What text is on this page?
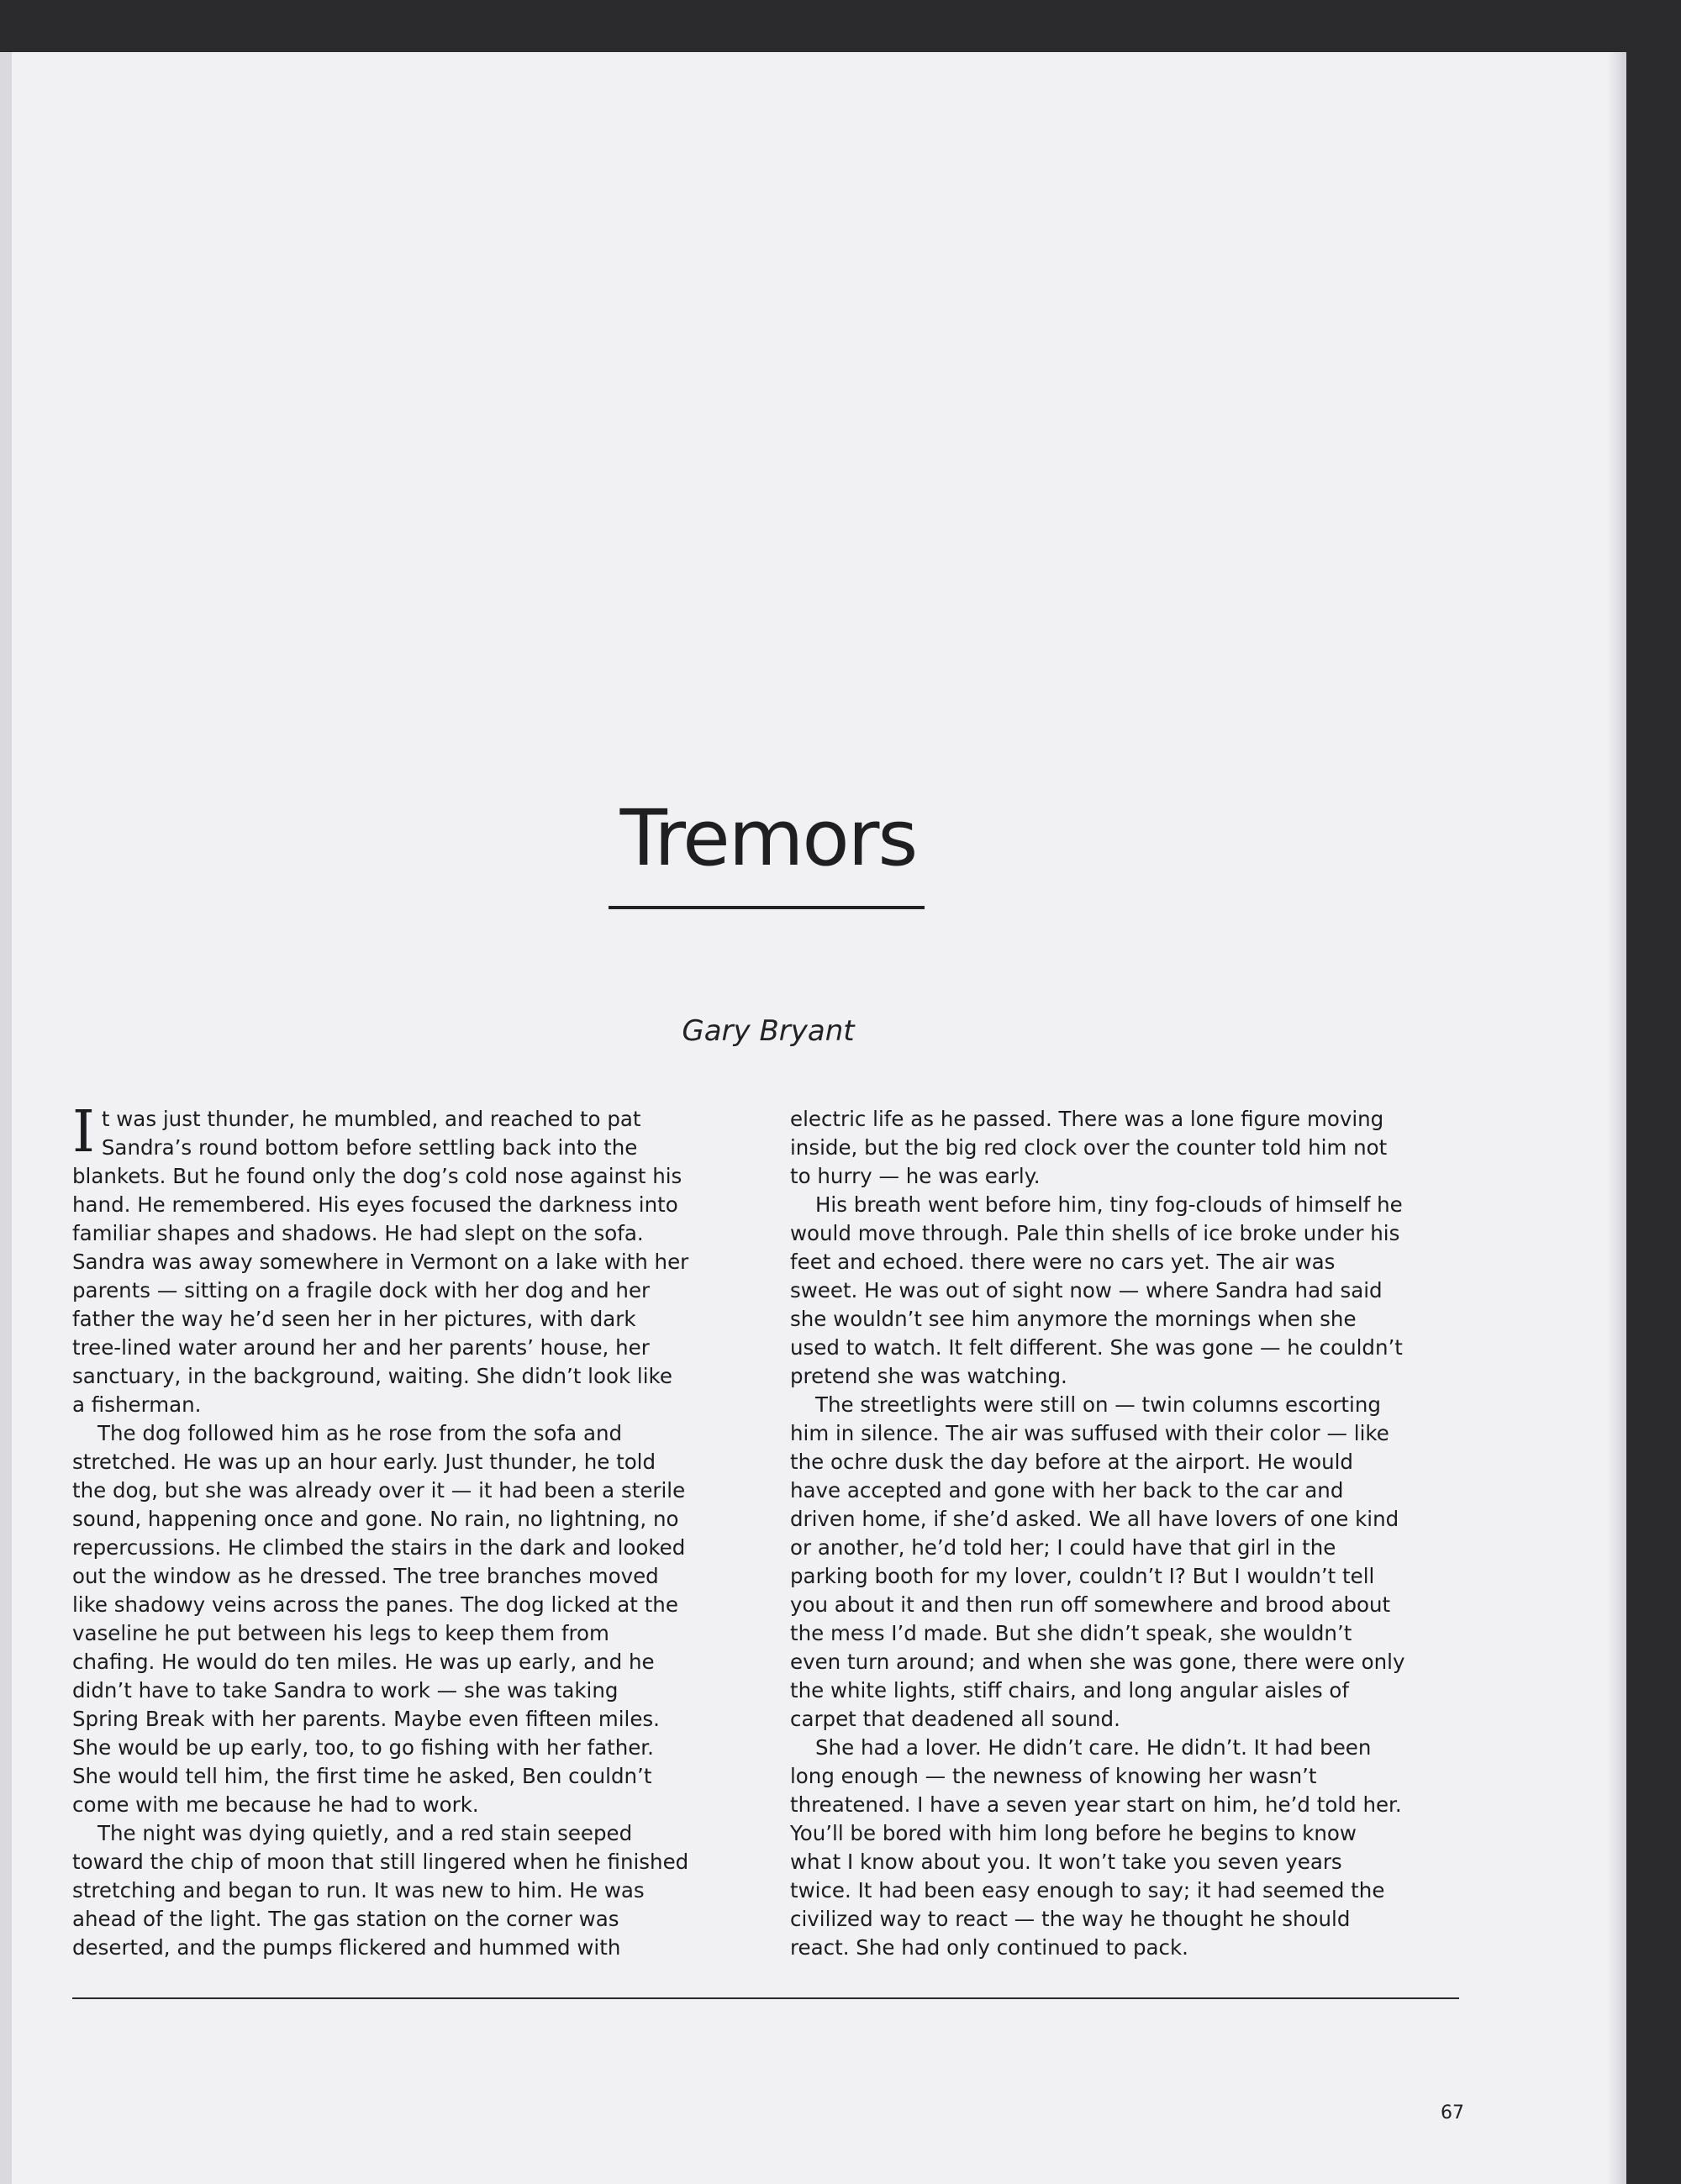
Tremors
Gary Bryant

It was just thunder, he mumbled, and reached to pat Sandra’s round bottom before settling back into the blankets. But he found only the dog’s cold nose against his hand. He remembered. His eyes focused the darkness into familiar shapes and shadows. He had slept on the sofa. Sandra was away somewhere in Vermont on a lake with her parents — sitting on a fragile dock with her dog and her father the way he’d seen her in her pictures, with dark tree-lined water around her and her parents’ house, her sanctuary, in the background, waiting. She didn’t look like a fisherman.

The dog followed him as he rose from the sofa and stretched. He was up an hour early. Just thunder, he told the dog, but she was already over it — it had been a sterile sound, happening once and gone. No rain, no lightning, no repercussions. He climbed the stairs in the dark and looked out the window as he dressed. The tree branches moved like shadowy veins across the panes. The dog licked at the vaseline he put between his legs to keep them from chafing. He would do ten miles. He was up early, and he didn’t have to take Sandra to work — she was taking Spring Break with her parents. Maybe even fifteen miles. She would be up early, too, to go fishing with her father. She would tell him, the first time he asked, Ben couldn’t come with me because he had to work.

The night was dying quietly, and a red stain seeped toward the chip of moon that still lingered when he finished stretching and began to run. It was new to him. He was ahead of the light. The gas station on the corner was deserted, and the pumps flickered and hummed with

electric life as he passed. There was a lone figure moving inside, but the big red clock over the counter told him not to hurry — he was early.

His breath went before him, tiny fog-clouds of himself he would move through. Pale thin shells of ice broke under his feet and echoed. there were no cars yet. The air was sweet. He was out of sight now — where Sandra had said she wouldn’t see him anymore the mornings when she used to watch. It felt different. She was gone — he couldn’t pretend she was watching.

The streetlights were still on — twin columns escorting him in silence. The air was suffused with their color — like the ochre dusk the day before at the airport. He would have accepted and gone with her back to the car and driven home, if she’d asked. We all have lovers of one kind or another, he’d told her; I could have that girl in the parking booth for my lover, couldn’t I? But I wouldn’t tell you about it and then run off somewhere and brood about the mess I’d made. But she didn’t speak, she wouldn’t even turn around; and when she was gone, there were only the white lights, stiff chairs, and long angular aisles of carpet that deadened all sound.

She had a lover. He didn’t care. He didn’t. It had been long enough — the newness of knowing her wasn’t threatened. I have a seven year start on him, he’d told her. You’ll be bored with him long before he begins to know what I know about you. It won’t take you seven years twice. It had been easy enough to say; it had seemed the civilized way to react — the way he thought he should react. She had only continued to pack.

67
